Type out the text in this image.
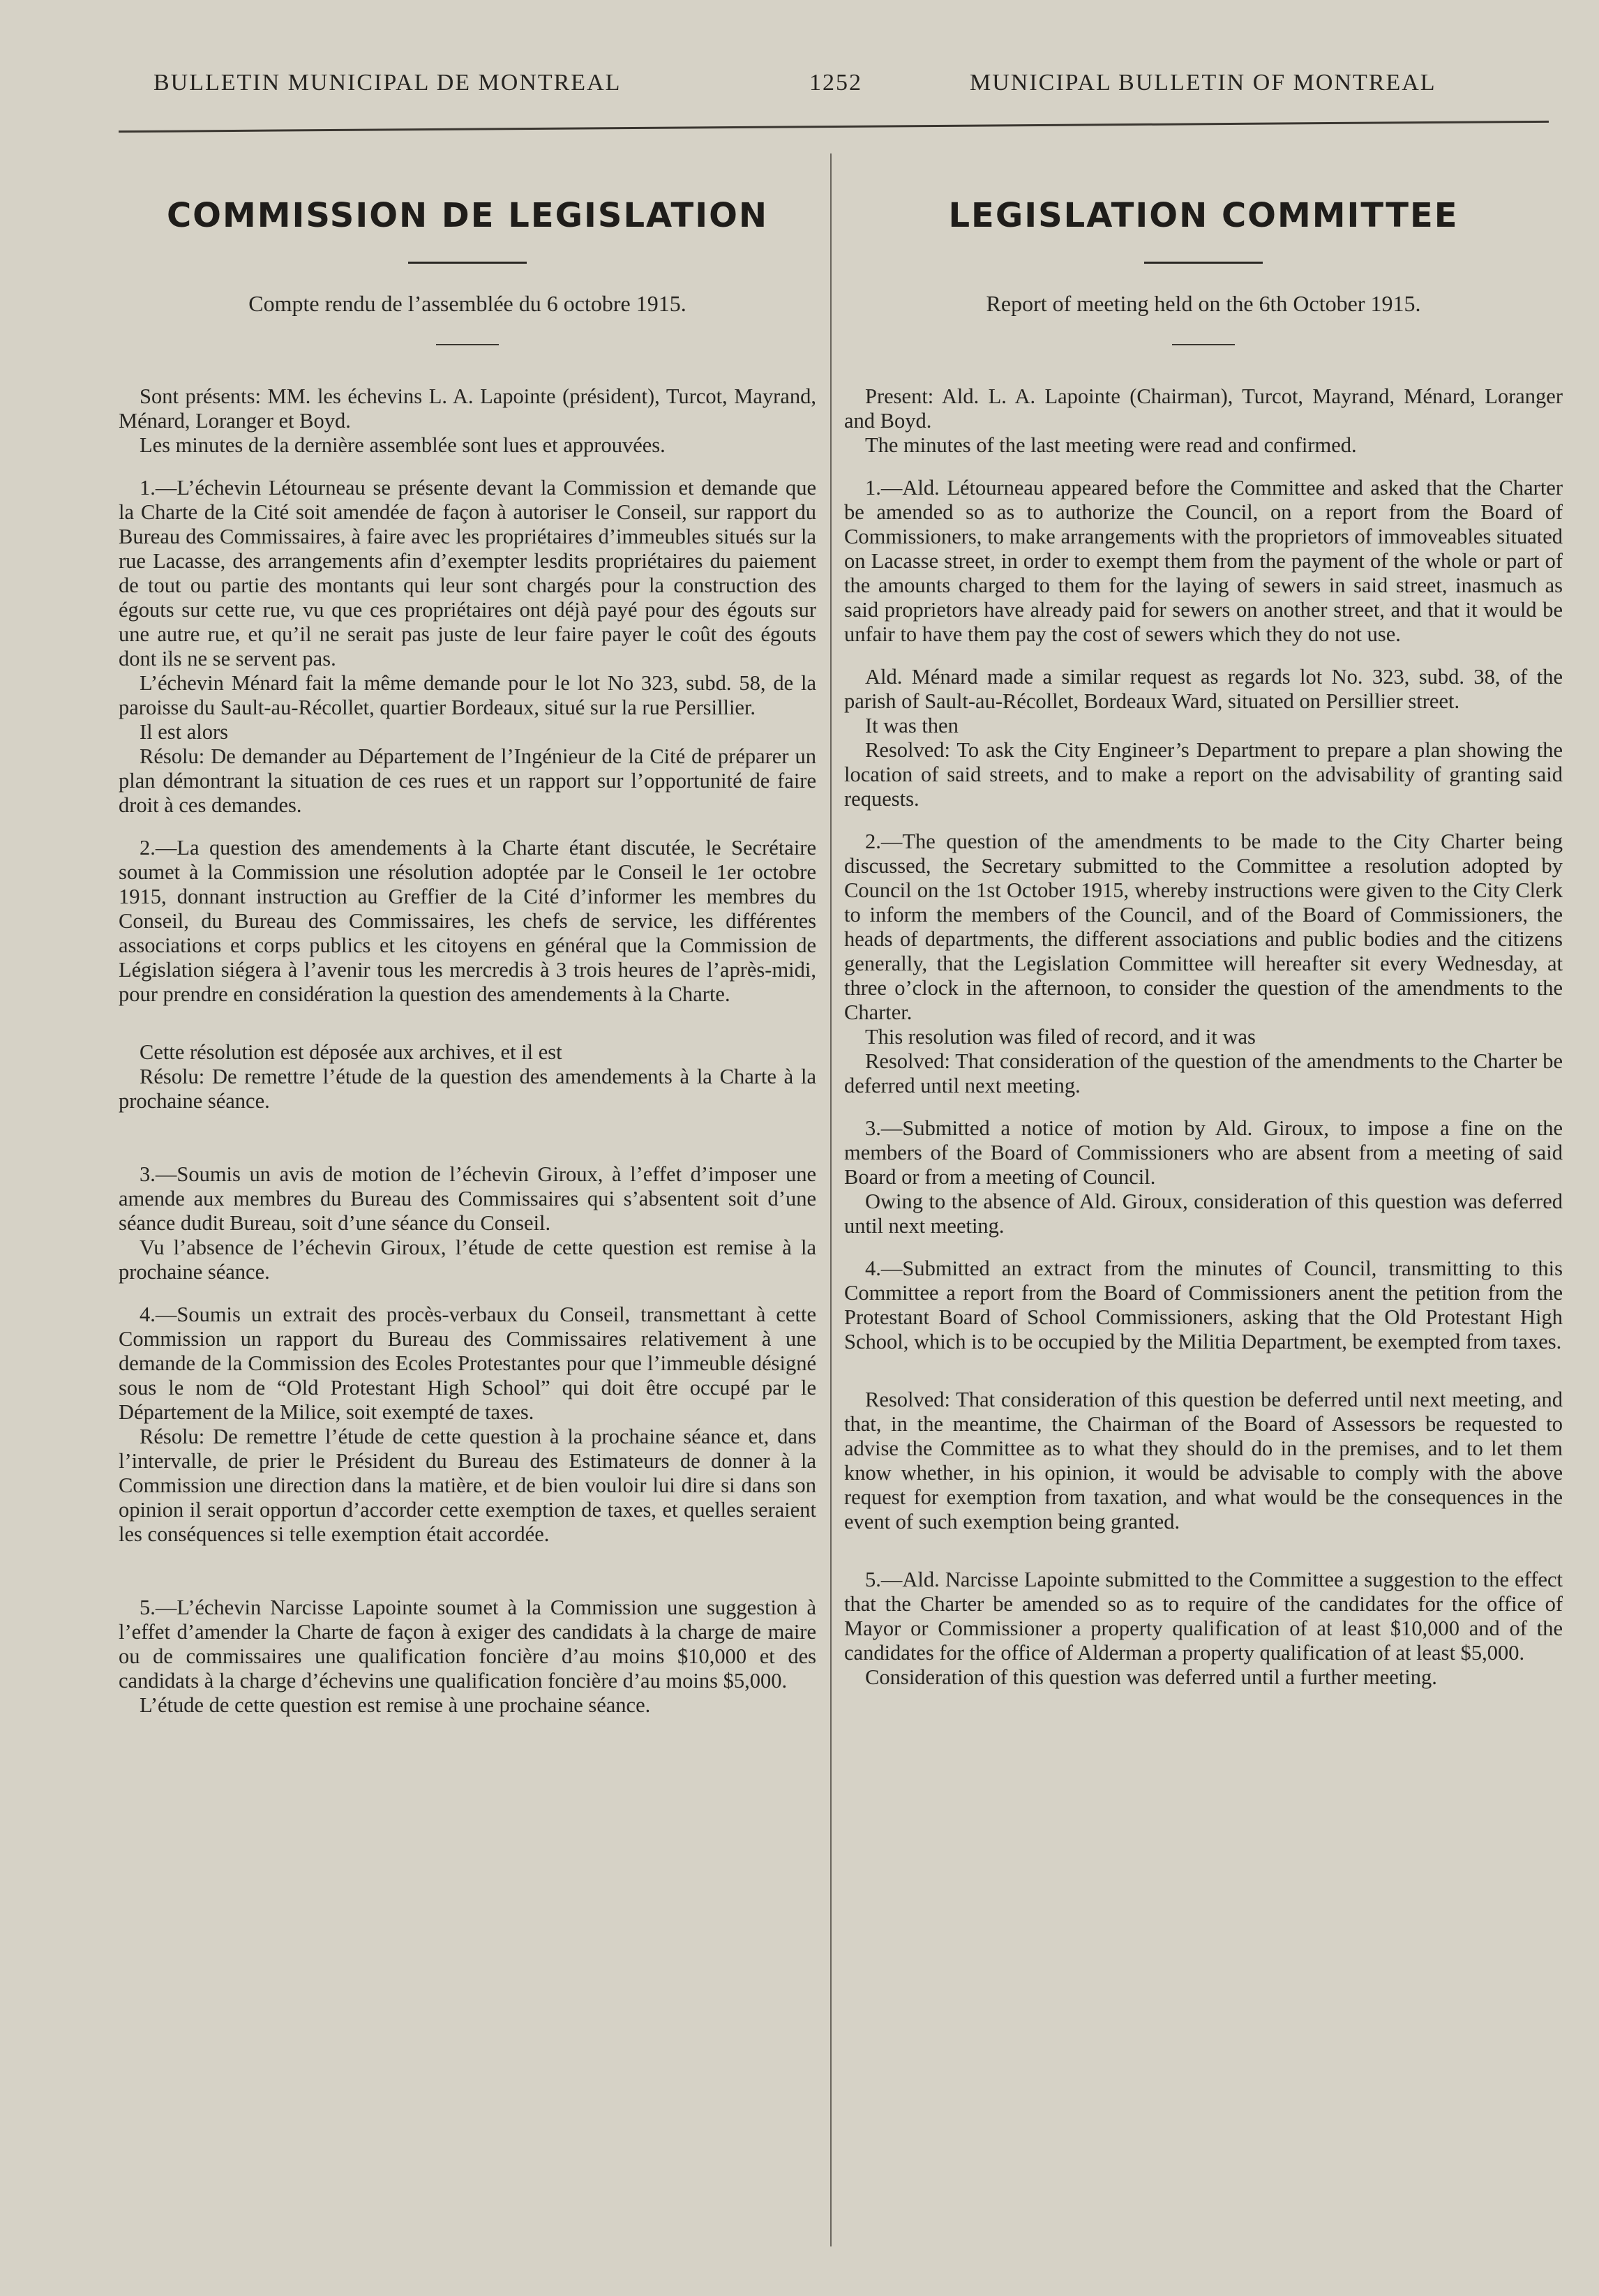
BULLETIN MUNICIPAL DE MONTREAL	1252	MUNICIPAL BULLETIN OF MONTREAL
COMMISSION DE LEGISLATION

Compte rendu de l’assemblée du 6 octobre 1915.

Sont présents: MM. les échevins L. A. Lapointe (président), Turcot, Mayrand, Ménard, Loranger et Boyd.

Les minutes de la dernière assemblée sont lues et approuvées.

1.—L’échevin Létourneau se présente devant la Commission et demande que la Charte de la Cité soit amendée de façon à autoriser le Conseil, sur rapport du Bureau des Commissaires, à faire avec les propriétaires d’immeubles situés sur la rue Lacasse, des arrangements afin d’exempter lesdits propriétaires du paiement de tout ou partie des montants qui leur sont chargés pour la construction des égouts sur cette rue, vu que ces propriétaires ont déjà payé pour des égouts sur une autre rue, et qu’il ne serait pas juste de leur faire payer le coût des égouts dont ils ne se servent pas.

L’échevin Ménard fait la même demande pour le lot No 323, subd. 58, de la paroisse du Sault-au-Récollet, quartier Bordeaux, situé sur la rue Persillier.

Il est alors

Résolu: De demander au Département de l’Ingénieur de la Cité de préparer un plan démontrant la situation de ces rues et un rapport sur l’opportunité de faire droit à ces demandes.

2.—La question des amendements à la Charte étant discutée, le Secrétaire soumet à la Commission une résolution adoptée par le Conseil le 1er octobre 1915, donnant instruction au Greffier de la Cité d’informer les membres du Conseil, du Bureau des Commissaires, les chefs de service, les différentes associations et corps publics et les citoyens en général que la Commission de Législation siégera à l’avenir tous les mercredis à 3 trois heures de l’après-midi, pour prendre en considération la question des amendements à la Charte.

Cette résolution est déposée aux archives, et il est

Résolu: De remettre l’étude de la question des amendements à la Charte à la prochaine séance.

3.—Soumis un avis de motion de l’échevin Giroux, à l’effet d’imposer une amende aux membres du Bureau des Commissaires qui s’absentent soit d’une séance dudit Bureau, soit d’une séance du Conseil.

Vu l’absence de l’échevin Giroux, l’étude de cette question est remise à la prochaine séance.

4.—Soumis un extrait des procès-verbaux du Conseil, transmettant à cette Commission un rapport du Bureau des Commissaires relativement à une demande de la Commission des Ecoles Protestantes pour que l’immeuble désigné sous le nom de “Old Protestant High School” qui doit être occupé par le Département de la Milice, soit exempté de taxes.

Résolu: De remettre l’étude de cette question à la prochaine séance et, dans l’intervalle, de prier le Président du Bureau des Estimateurs de donner à la Commission une direction dans la matière, et de bien vouloir lui dire si dans son opinion il serait opportun d’accorder cette exemption de taxes, et quelles seraient les conséquences si telle exemption était accordée.

5.—L’échevin Narcisse Lapointe soumet à la Commission une suggestion à l’effet d’amender la Charte de façon à exiger des candidats à la charge de maire ou de commissaires une qualification foncière d’au moins $10,000 et des candidats à la charge d’échevins une qualification foncière d’au moins $5,000.

L’étude de cette question est remise à une prochaine séance.

LEGISLATION COMMITTEE

Report of meeting held on the 6th October 1915.

Present: Ald. L. A. Lapointe (Chairman), Turcot, Mayrand, Ménard, Loranger and Boyd.

The minutes of the last meeting were read and confirmed.

1.—Ald. Létourneau appeared before the Committee and asked that the Charter be amended so as to authorize the Council, on a report from the Board of Commissioners, to make arrangements with the proprietors of immoveables situated on Lacasse street, in order to exempt them from the payment of the whole or part of the amounts charged to them for the laying of sewers in said street, inasmuch as said proprietors have already paid for sewers on another street, and that it would be unfair to have them pay the cost of sewers which they do not use.

Ald. Ménard made a similar request as regards lot No. 323, subd. 38, of the parish of Sault-au-Récollet, Bordeaux Ward, situated on Persillier street.

It was then

Resolved: To ask the City Engineer’s Department to prepare a plan showing the location of said streets, and to make a report on the advisability of granting said requests.

2.—The question of the amendments to be made to the City Charter being discussed, the Secretary submitted to the Committee a resolution adopted by Council on the 1st October 1915, whereby instructions were given to the City Clerk to inform the members of the Council, and of the Board of Commissioners, the heads of departments, the different associations and public bodies and the citizens generally, that the Legislation Committee will hereafter sit every Wednesday, at three o’clock in the afternoon, to consider the question of the amendments to the Charter.

This resolution was filed of record, and it was

Resolved: That consideration of the question of the amendments to the Charter be deferred until next meeting.

3.—Submitted a notice of motion by Ald. Giroux, to impose a fine on the members of the Board of Commissioners who are absent from a meeting of said Board or from a meeting of Council.

Owing to the absence of Ald. Giroux, consideration of this question was deferred until next meeting.

4.—Submitted an extract from the minutes of Council, transmitting to this Committee a report from the Board of Commissioners anent the petition from the Protestant Board of School Commissioners, asking that the Old Protestant High School, which is to be occupied by the Militia Department, be exempted from taxes.

Resolved: That consideration of this question be deferred until next meeting, and that, in the meantime, the Chairman of the Board of Assessors be requested to advise the Committee as to what they should do in the premises, and to let them know whether, in his opinion, it would be advisable to comply with the above request for exemption from taxation, and what would be the consequences in the event of such exemption being granted.

5.—Ald. Narcisse Lapointe submitted to the Committee a suggestion to the effect that the Charter be amended so as to require of the candidates for the office of Mayor or Commissioner a property qualification of at least $10,000 and of the candidates for the office of Alderman a property qualification of at least $5,000.

Consideration of this question was deferred until a further meeting.
